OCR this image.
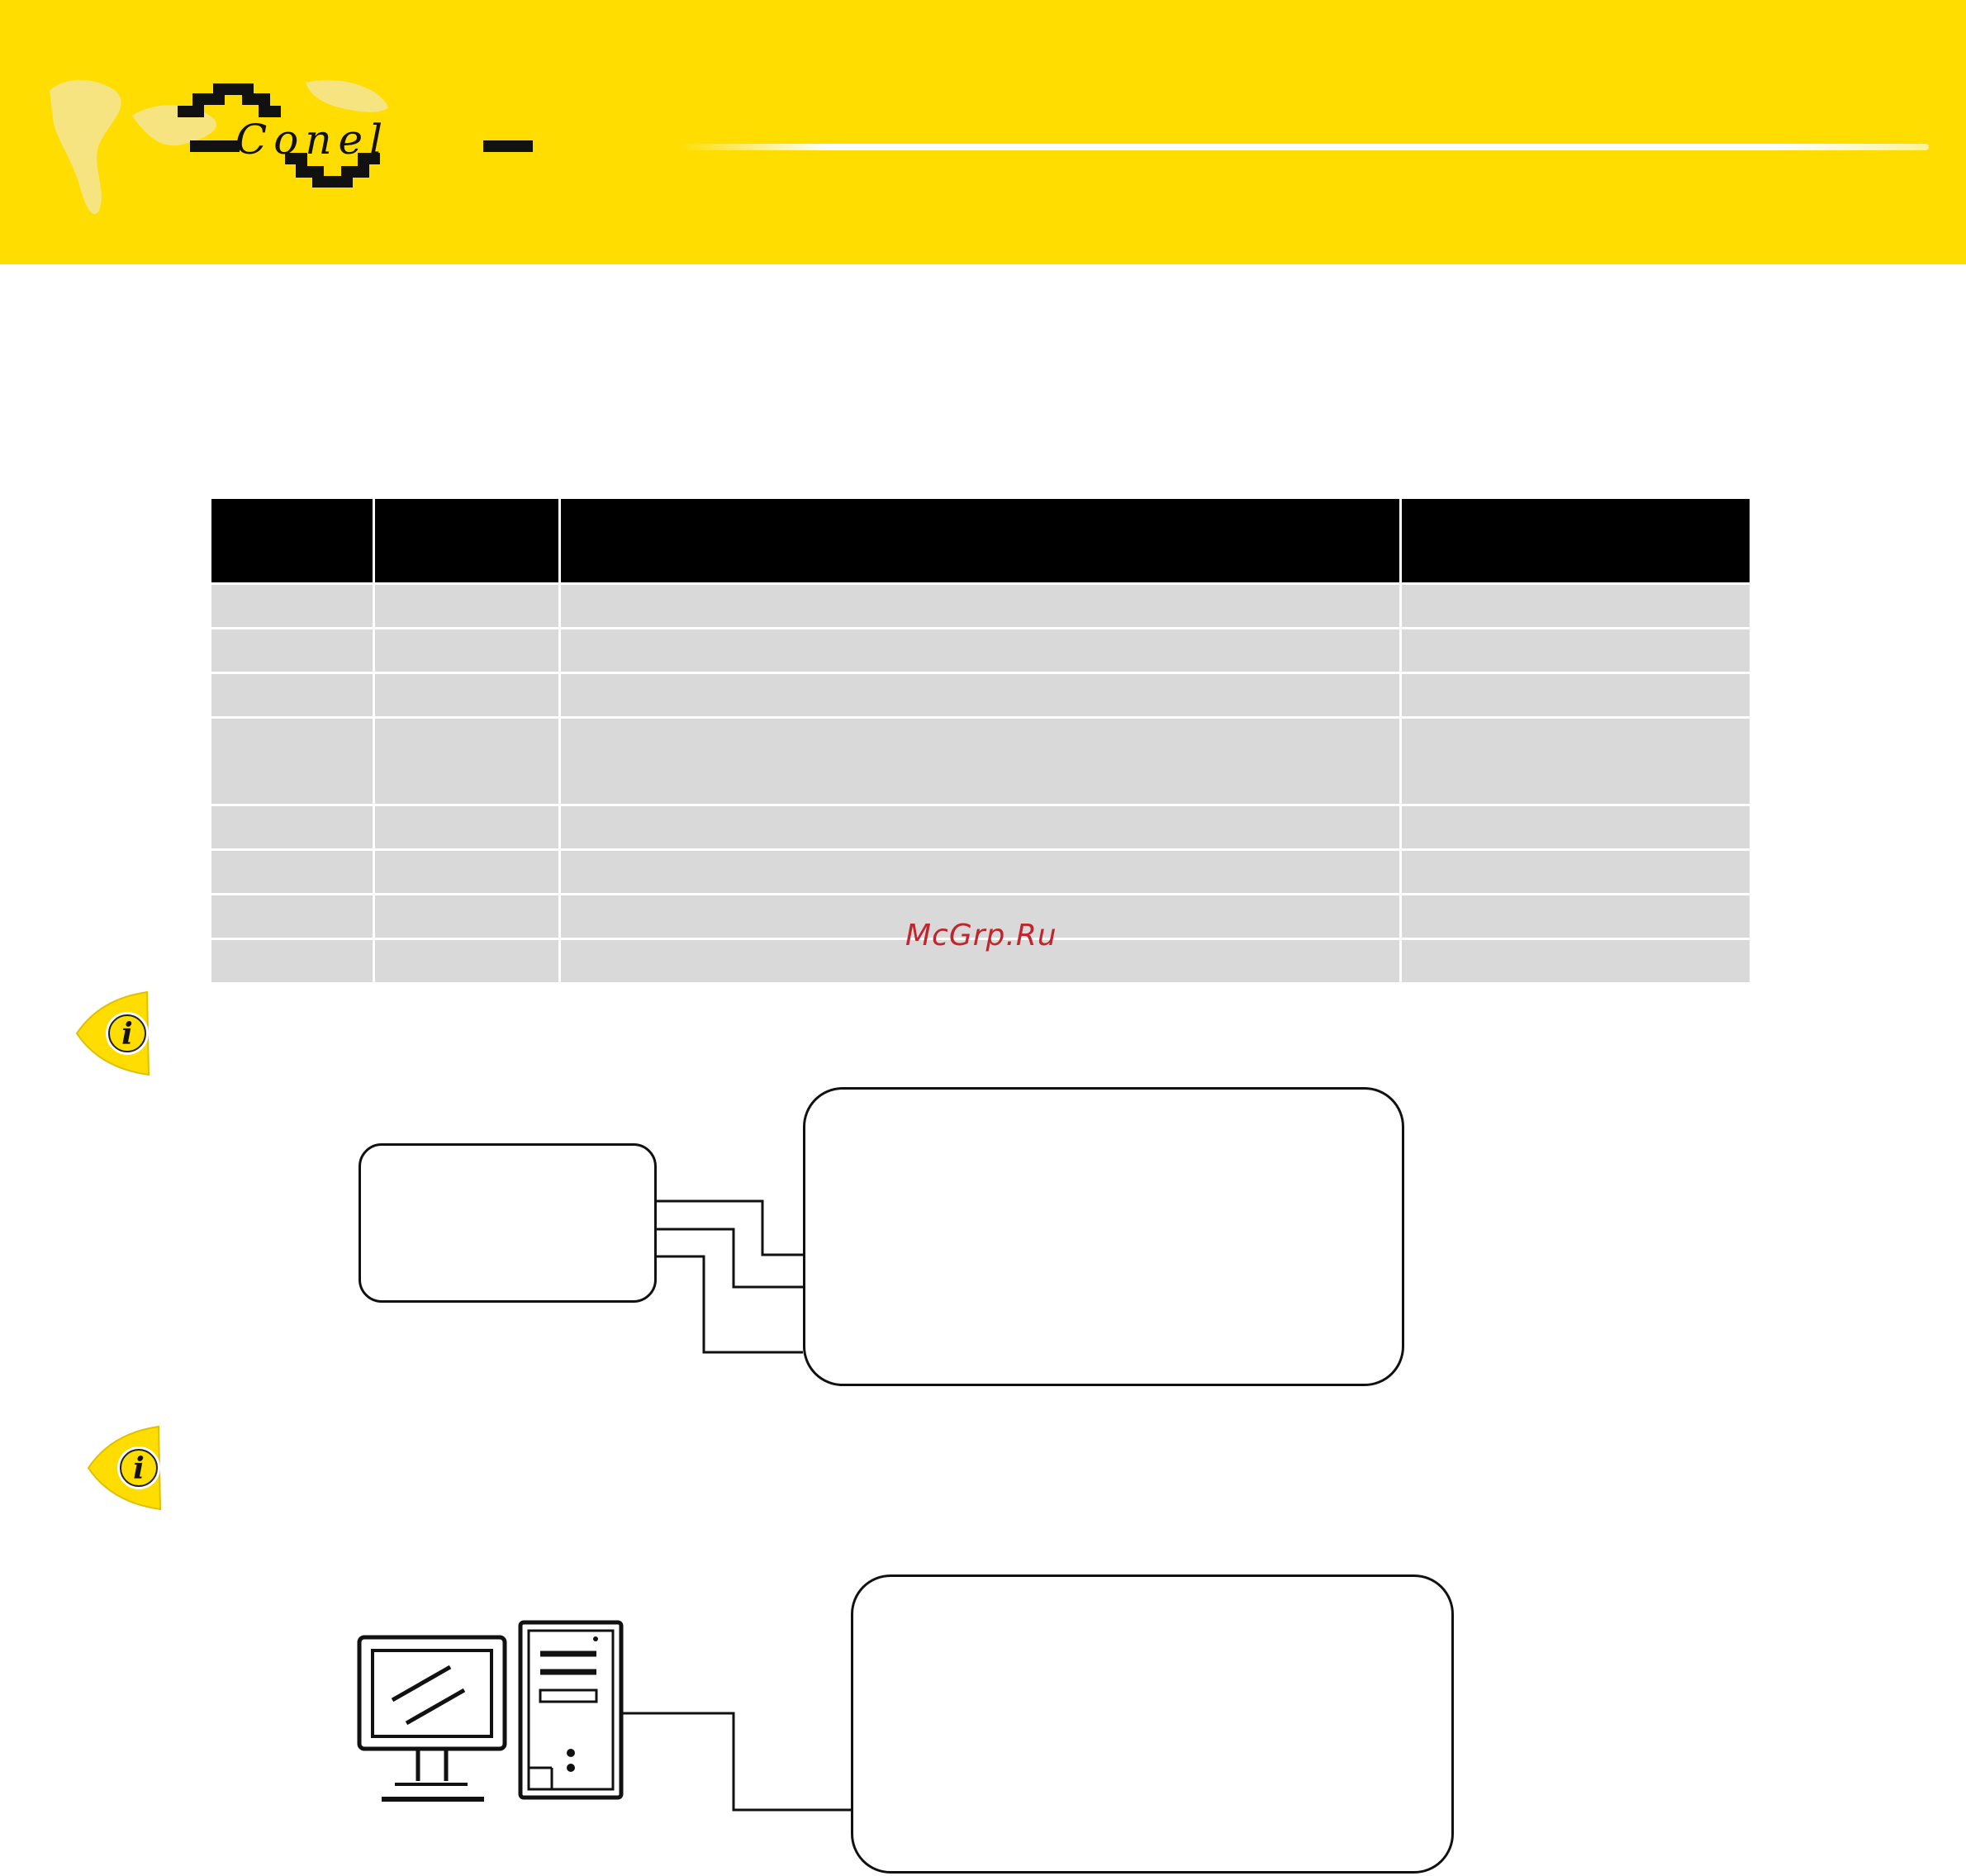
Conel

McGrp.Ru
i
i
